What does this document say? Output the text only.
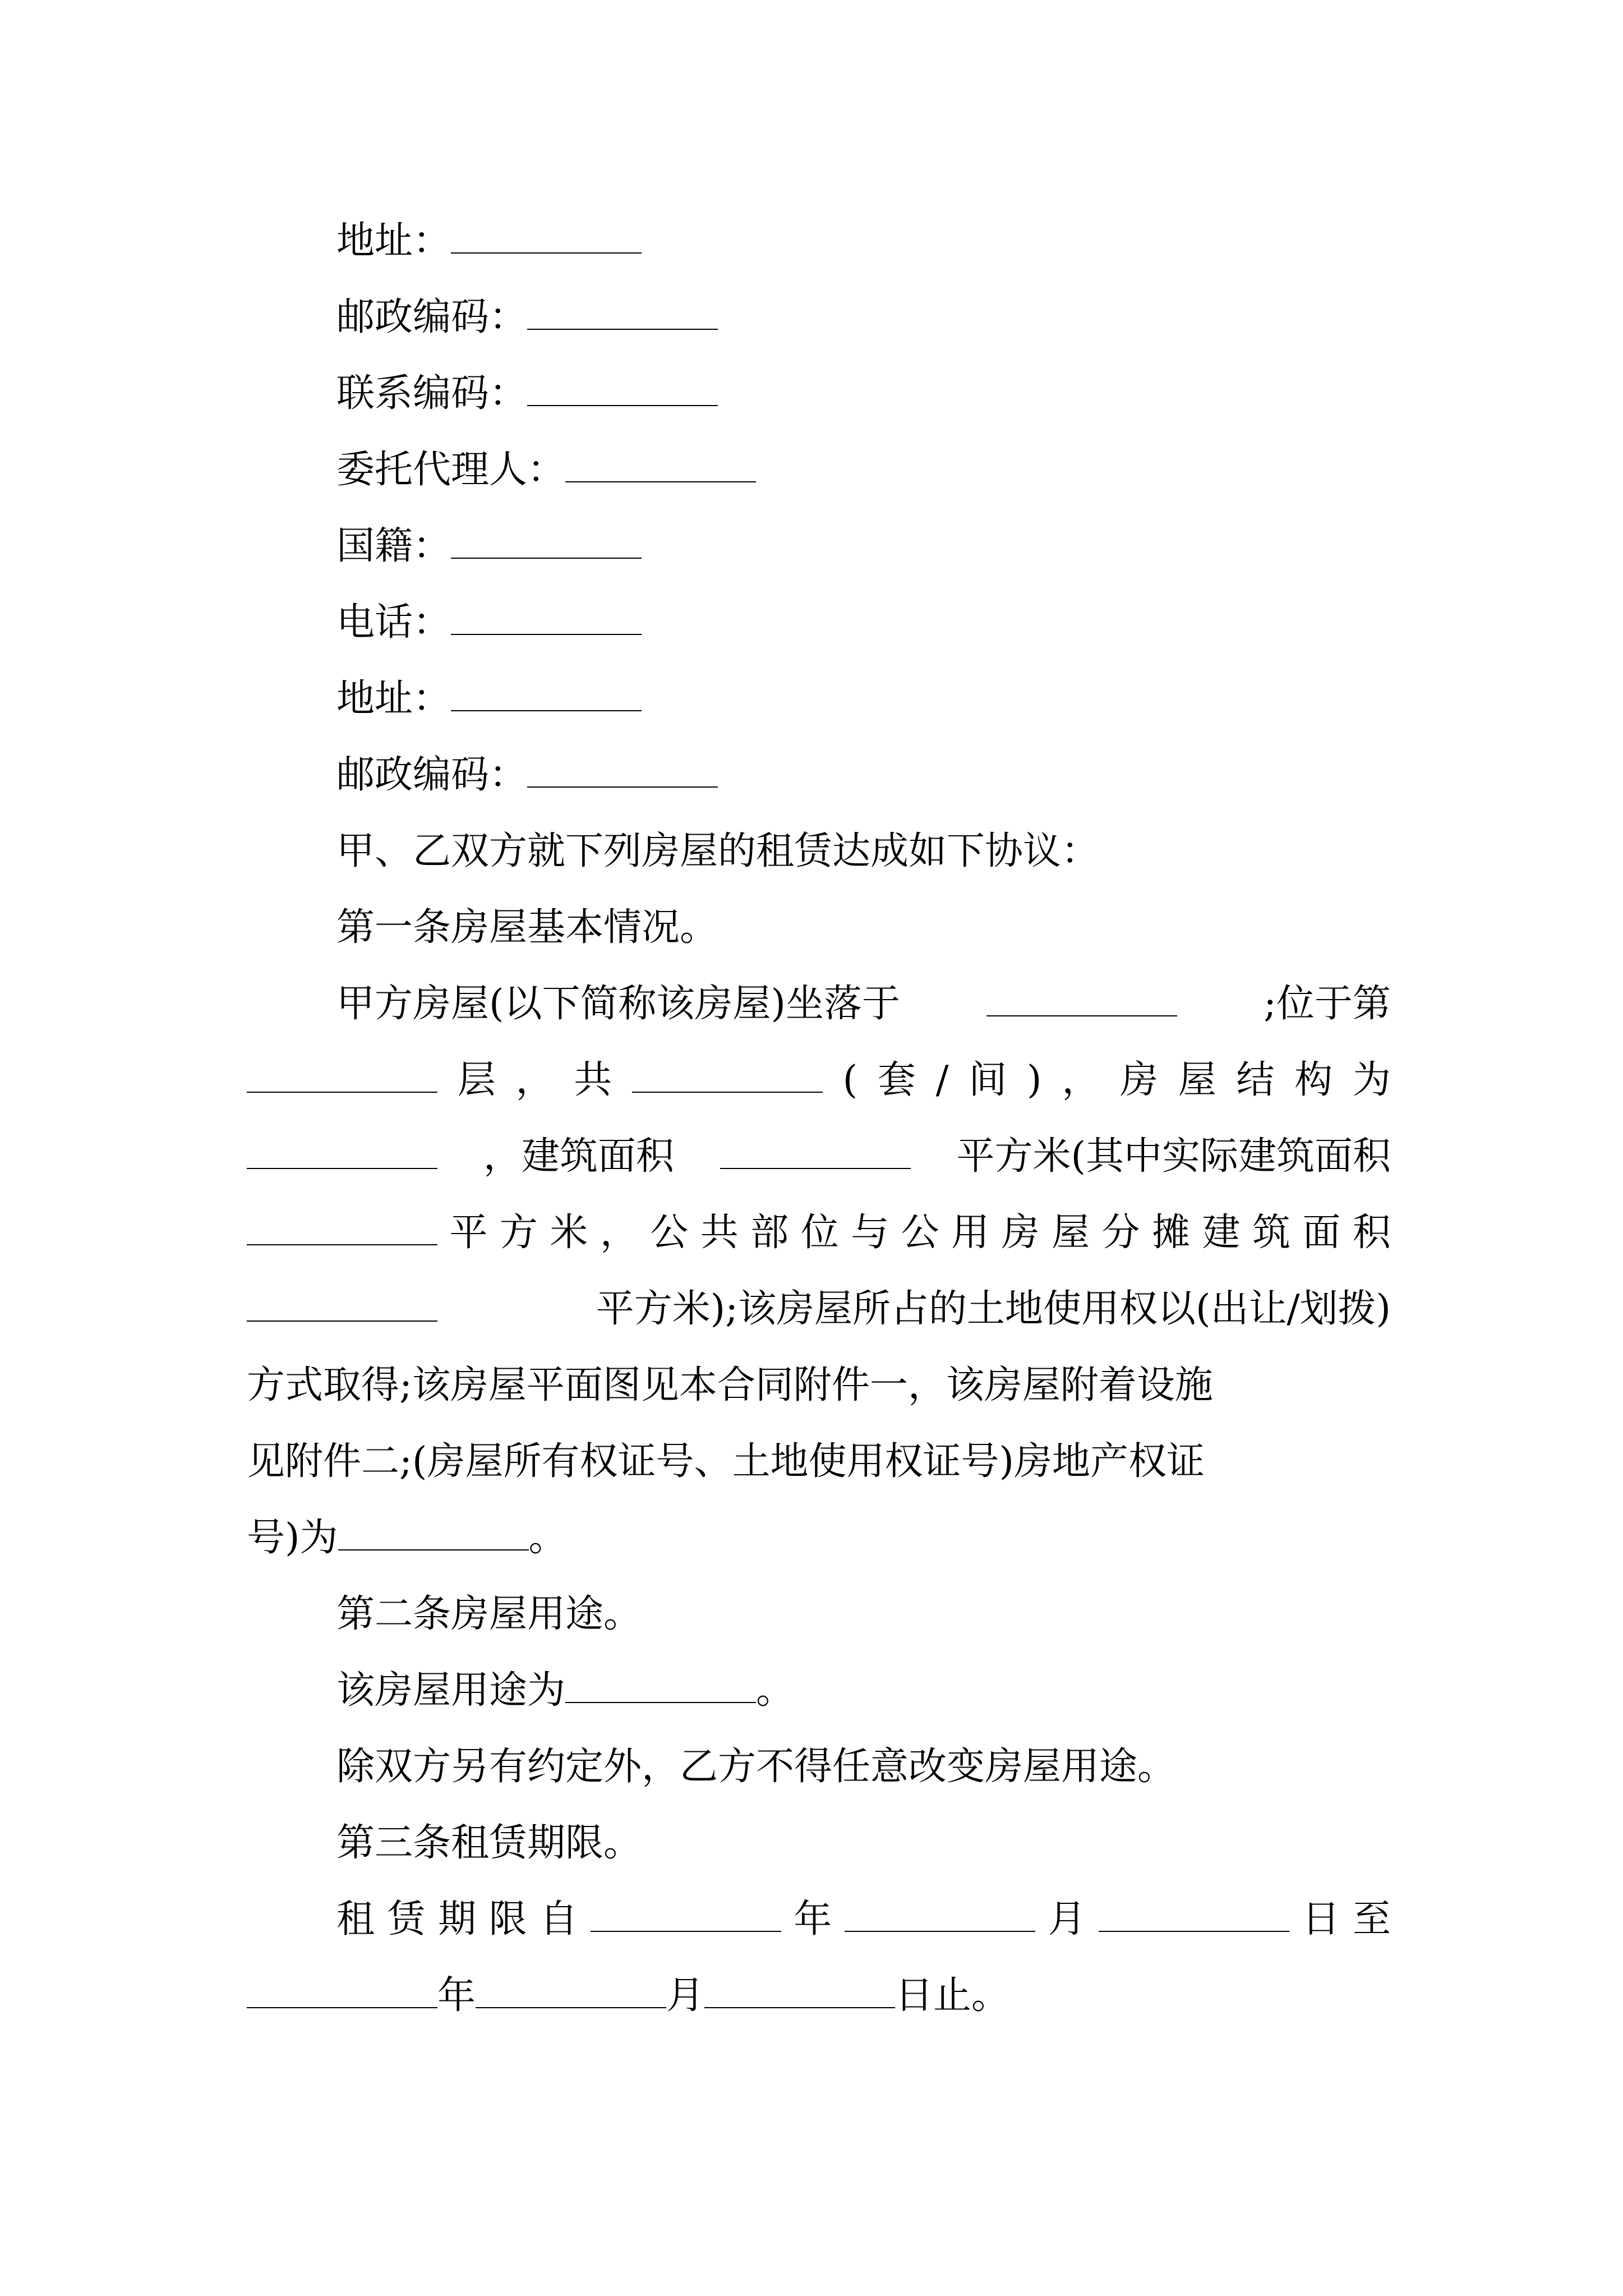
地址：
邮政编码：
联系编码：
委托代理人：
国籍：
电话：
地址：
邮政编码：
甲、乙双方就下列房屋的租赁达成如下协议：
第一条房屋基本情况。
甲方房屋(以下简称该房屋)坐落于	;位于第
层 ， 共	( 套 / 间 ) ， 房 屋 结 构 为
，建筑面积	平方米(其中实际建筑面积
平 方 米 ， 公 共 部 位 与 公 用 房 屋 分 摊 建 筑 面 积
平方米);该房屋所占的土地使用权以(出让/划拨)
方式取得;该房屋平面图见本合同附件一，该房屋附着设施
见附件二;(房屋所有权证号、土地使用权证号)房地产权证
号)为	。
第二条房屋用途。
该房屋用途为	。
除双方另有约定外，乙方不得任意改变房屋用途。
第三条租赁期限。
租 赁 期 限 自	年	月	日 至
年	月	日止。
